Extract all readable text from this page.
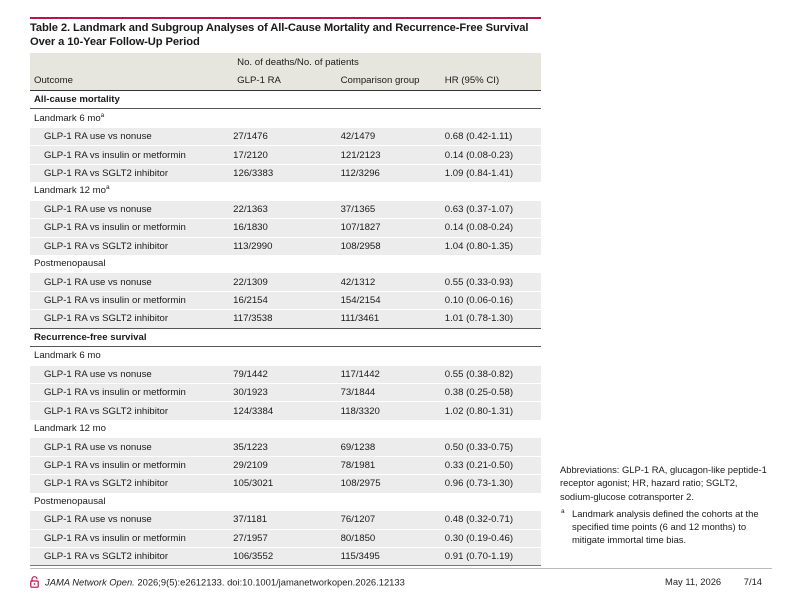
Table 2. Landmark and Subgroup Analyses of All-Cause Mortality and Recurrence-Free Survival Over a 10-Year Follow-Up Period
	No. of deaths/No. of patients		
Outcome	GLP-1 RA	Comparison group	HR (95% CI)
All-cause mortality			
Landmark 6 $mo^a$
GLP-1 RA use vs nonuse	27/1476	42/1479	0.68 (0.42-1.11)
GLP-1 RA vs insulin or metformin	17/2120	121/2123	0.14 (0.08-0.23)
GLP-1 RA vs SGLT2 inhibitor	126/3383	112/3296	1.09 (0.84-1.41)
Landmark 12 $mo^a$
GLP-1 RA use vs nonuse	22/1363	37/1365	0.63 (0.37-1.07)
GLP-1 RA vs insulin or metformin	16/1830	107/1827	0.14 (0.08-0.24)
GLP-1 RA vs SGLT2 inhibitor	113/2990	108/2958	1.04 (0.80-1.35)
Postmenopausal			
GLP-1 RA use vs nonuse	22/1309	42/1312	0.55 (0.33-0.93)
GLP-1 RA vs insulin or metformin	16/2154	154/2154	0.10 (0.06-0.16)
GLP-1 RA vs SGLT2 inhibitor	117/3538	111/3461	1.01 (0.78-1.30)
Recurrence-free survival			
Landmark 6 mo			
GLP-1 RA use vs nonuse	79/1442	117/1442	0.55 (0.38-0.82)
GLP-1 RA vs insulin or metformin	30/1923	73/1844	0.38 (0.25-0.58)
GLP-1 RA vs SGLT2 inhibitor	124/3384	118/3320	1.02 (0.80-1.31)
Landmark 12 mo			
GLP-1 RA use vs nonuse	35/1223	69/1238	0.50 (0.33-0.75)
GLP-1 RA vs insulin or metformin	29/2109	78/1981	0.33 (0.21-0.50)
GLP-1 RA vs SGLT2 inhibitor	105/3021	108/2975	0.96 (0.73-1.30)
Postmenopausal			
GLP-1 RA use vs nonuse	37/1181	76/1207	0.48 (0.32-0.71)
GLP-1 RA vs insulin or metformin	27/1957	80/1850	0.30 (0.19-0.46)
GLP-1 RA vs SGLT2 inhibitor	106/3552	115/3495	0.91 (0.70-1.19)

Abbreviations: GLP-1 RA, glucagon-like peptide-1 receptor agonist; HR, hazard ratio; SGLT2, sodium-glucose cotransporter 2.

a Landmark analysis defined the cohorts at the specified time points (6 and 12 months) to mitigate immortal time bias.
JAMA Network Open. 2026;9(5):e2612133. doi:10.1001/jamanetworkopen.2026.12133	May 11, 2026 7/14
